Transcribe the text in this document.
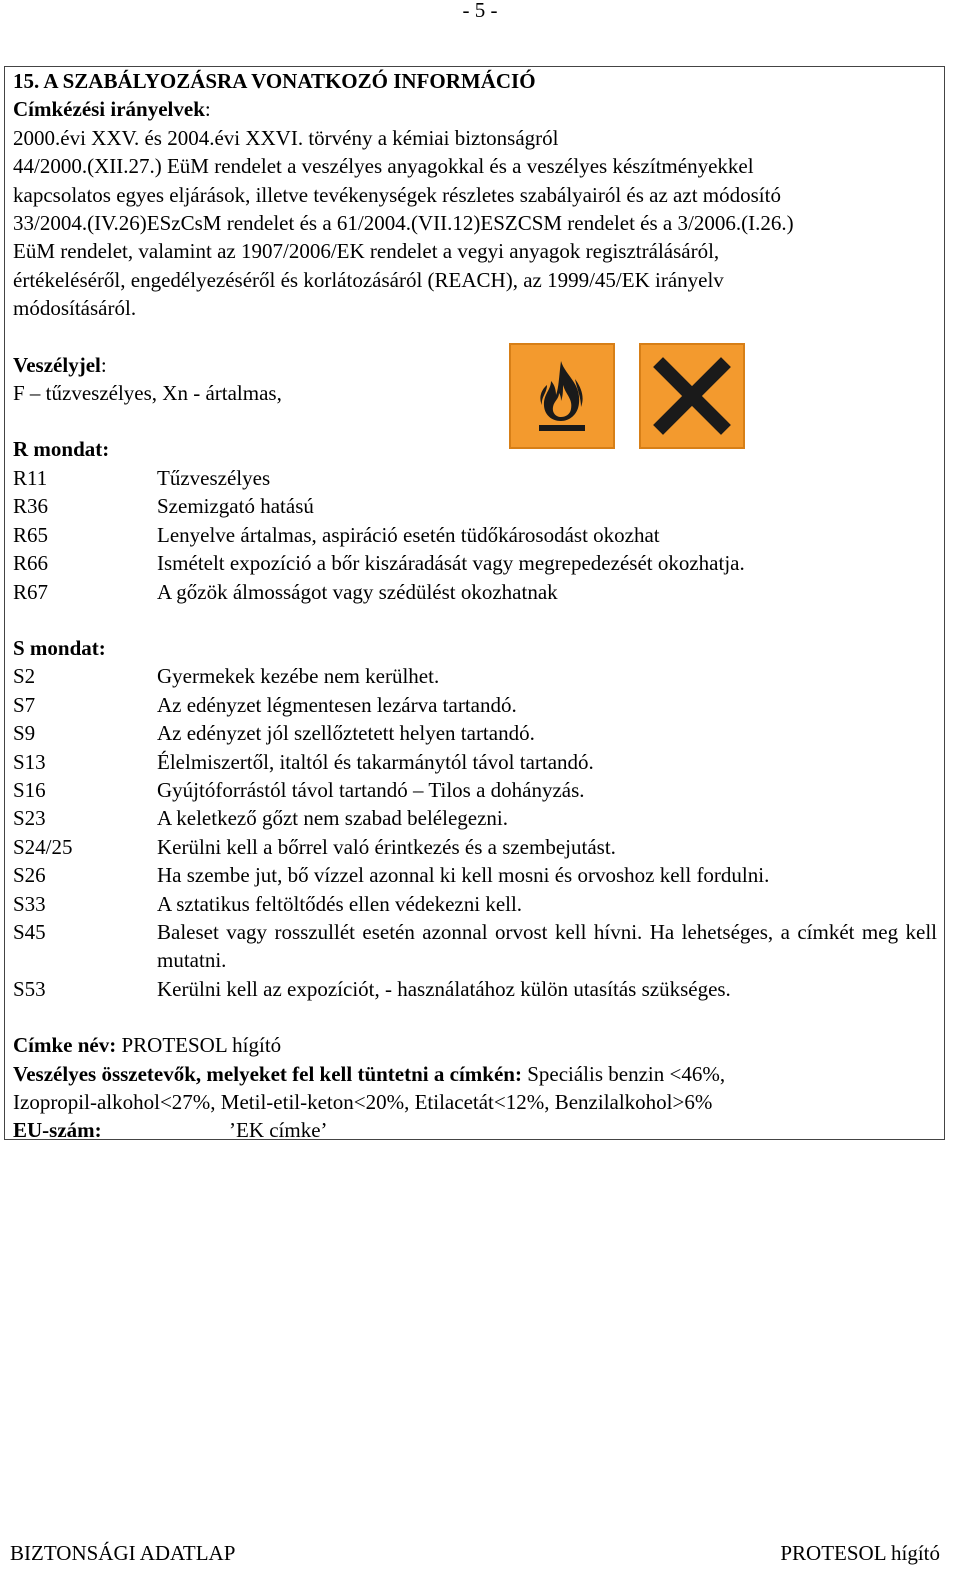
- 5 -
15. A SZABÁLYOZÁSRA VONATKOZÓ INFORMÁCIÓ
Címkézési irányelvek:
2000.évi XXV. és 2004.évi XXVI. törvény a kémiai biztonságról
44/2000.(XII.27.) EüM rendelet a veszélyes anyagokkal és a veszélyes készítményekkel
kapcsolatos egyes eljárások, illetve tevékenységek részletes szabályairól és az azt módosító
33/2004.(IV.26)ESzCsM rendelet és a 61/2004.(VII.12)ESZCSM rendelet és a 3/2006.(I.26.)
EüM rendelet, valamint az 1907/2006/EK rendelet a vegyi anyagok regisztrálásáról,
értékeléséről, engedélyezéséről és korlátozásáról (REACH), az 1999/45/EK irányelv
módosításáról.
Veszélyjel:
F – tűzveszélyes, Xn - ártalmas,
R mondat:
R11	Tűzveszélyes
R36	Szemizgató hatású
R65	Lenyelve ártalmas, aspiráció esetén tüdőkárosodást okozhat
R66	Ismételt expozíció a bőr kiszáradását vagy megrepedezését okozhatja.
R67	A gőzök álmosságot vagy szédülést okozhatnak
S mondat:
S2	Gyermekek kezébe nem kerülhet.
S7	Az edényzet légmentesen lezárva tartandó.
S9	Az edényzet jól szellőztetett helyen tartandó.
S13	Élelmiszertől, italtól és takarmánytól távol tartandó.
S16	Gyújtóforrástól távol tartandó – Tilos a dohányzás.
S23	A keletkező gőzt nem szabad belélegezni.
S24/25	Kerülni kell a bőrrel való érintkezés és a szembejutást.
S26	Ha szembe jut, bő vízzel azonnal ki kell mosni és orvoshoz kell fordulni.
S33	A sztatikus feltöltődés ellen védekezni kell.
S45	Baleset vagy rosszullét esetén azonnal orvost kell hívni. Ha lehetséges, a címkét meg kell mutatni.
S53	Kerülni kell az expozíciót, - használatához külön utasítás szükséges.
Címke név: PROTESOL hígító
Veszélyes összetevők, melyeket fel kell tüntetni a címkén: Speciális benzin <46%,
Izopropil-alkohol<27%, Metil-etil-keton<20%, Etilacetát<12%, Benzilalkohol>6%
EU-szám:	’EK címke’
BIZTONSÁGI ADATLAP	PROTESOL hígító
